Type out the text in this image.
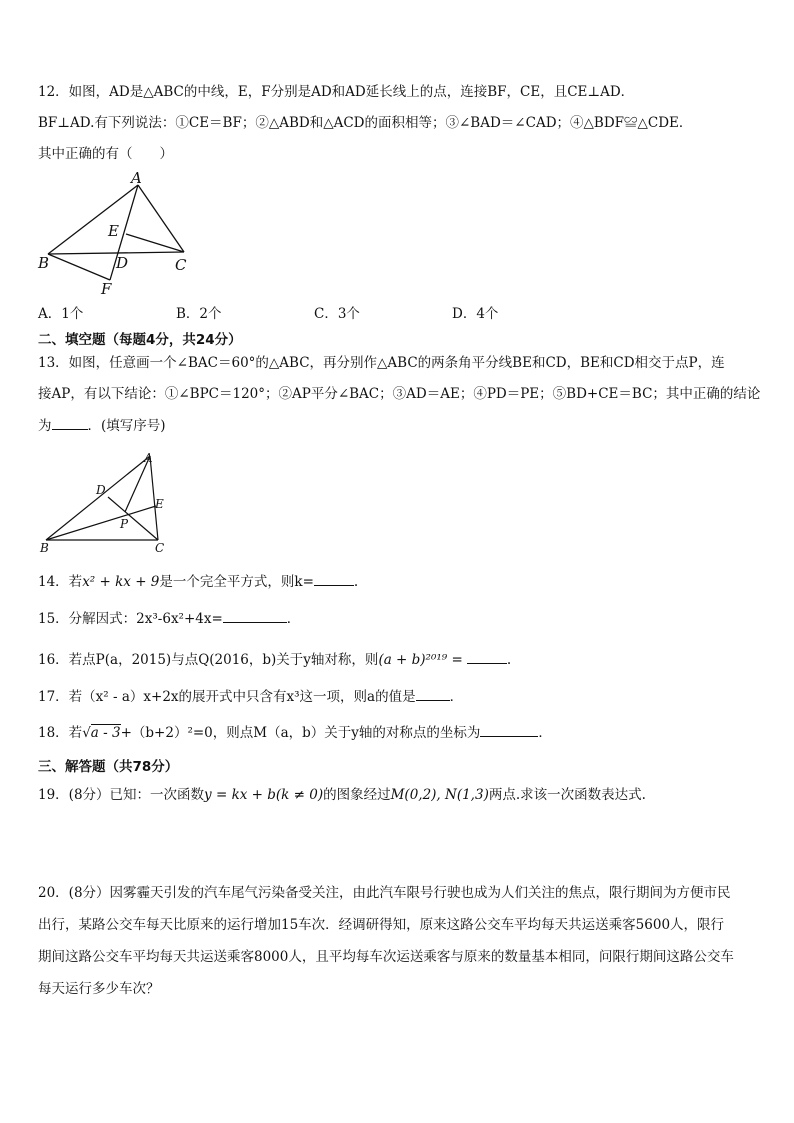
12．如图，AD是△ABC的中线，E，F分别是AD和AD延长线上的点，连接BF，CE，且CE⊥AD．
BF⊥AD.有下列说法：①CE＝BF；②△ABD和△ACD的面积相等；③∠BAD＝∠CAD；④△BDF≌△CDE．
其中正确的有（　　）
A
B	C
D
E
F
A．1个	B．2个	C．3个	D．4个
二、填空题（每题4分，共24分）
13．如图，任意画一个∠BAC＝60°的△ABC，再分别作△ABC的两条角平分线BE和CD，BE和CD相交于点P，连
接AP，有以下结论：①∠BPC＝120°；②AP平分∠BAC；③AD＝AE；④PD＝PE；⑤BD+CE＝BC；其中正确的结论
为	．(填写序号)
A
B	C
D
E
P
14．若x² + kx + 9是一个完全平方式，则k=	.
15．分解因式：2x³-6x²+4x=	．
16．若点P(a，2015)与点Q(2016，b)关于y轴对称，则(a + b)²⁰¹⁹ =	.
17．若（x² - a）x+2x的展开式中只含有x³这一项，则a的值是	．
18．若√a - 3+（b+2）²=0，则点M（a，b）关于y轴的对称点的坐标为	．
三、解答题（共78分）
19．(8分）已知：一次函数y = kx + b(k ≠ 0)的图象经过M(0,2), N(1,3)两点.求该一次函数表达式.
20．(8分）因雾霾天引发的汽车尾气污染备受关注，由此汽车限号行驶也成为人们关注的焦点，限行期间为方便市民
出行，某路公交车每天比原来的运行增加15车次．经调研得知，原来这路公交车平均每天共运送乘客5600人，限行
期间这路公交车平均每天共运送乘客8000人，且平均每车次运送乘客与原来的数量基本相同，问限行期间这路公交车
每天运行多少车次？
